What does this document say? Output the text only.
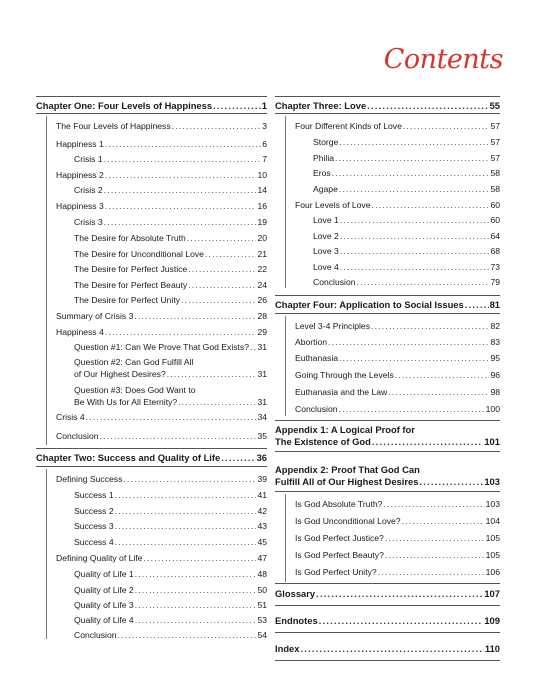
Contents
Chapter One: Four Levels of Happiness .....	1
The Four Levels of Happiness .....	3
Happiness 1 .....	6
Crisis 1 .....	7
Happiness 2 .....	10
Crisis 2 .....	14
Happiness 3 .....	16
Crisis 3 .....	19
The Desire for Absolute Truth .....	20
The Desire for Unconditional Love .....	21
The Desire for Perfect Justice .....	22
The Desire for Perfect Beauty .....	24
The Desire for Perfect Unity .....	26
Summary of Crisis 3 .....	28
Happiness 4 .....	29
Question #1: Can We Prove That God Exists? ..... 31
Question #2: Can God Fulfill All
of Our Highest Desires? .....	31
Question #3: Does God Want to
Be With Us for All Eternity? .....	31
Crisis 4 .....	34
Conclusion .....	35
Chapter Two: Success and Quality of Life .....	36
Defining Success .....	39
Success 1 .....	41
Success 2 .....	42
Success 3 .....	43
Success 4 .....	45
Defining Quality of Life .....	47
Quality of Life 1 .....	48
Quality of Life 2 .....	50
Quality of Life 3 .....	51
Quality of Life 4 .....	53
Conclusion .....	54
Chapter Three: Love .....	55
Four Different Kinds of Love .....	57
Storge .....	57
Philia .....	57
Eros .....	58
Agape .....	58
Four Levels of Love .....	60
Love 1 .....	60
Love 2 .....	64
Love 3 .....	68
Love 4 .....	73
Conclusion .....	79
Chapter Four: Application to Social Issues .....	81
Level 3-4 Principles .....	82
Abortion .....	83
Euthanasia .....	95
Going Through the Levels .....	96
Euthanasia and the Law .....	98
Conclusion .....	100
Appendix 1: A Logical Proof for
The Existence of God .....	101
Appendix 2: Proof That God Can
Fulfill All of Our Highest Desires .....	103
Is God Absolute Truth? .....	103
Is God Unconditional Love? .....	104
Is God Perfect Justice? .....	105
Is God Perfect Beauty? .....	105
Is God Perfect Unity? .....	106
Glossary .....	107
Endnotes .....	109
Index .....	110
